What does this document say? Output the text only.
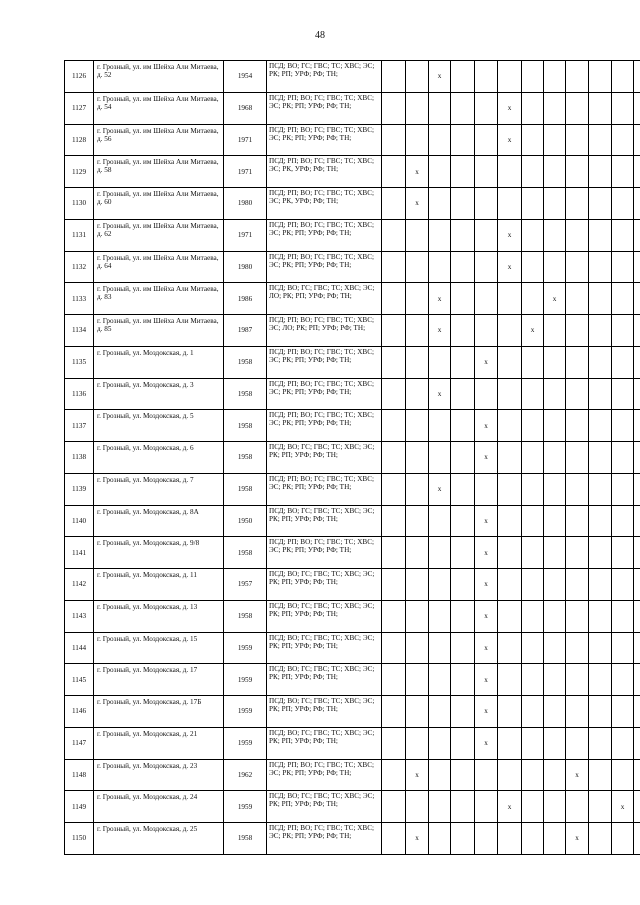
48
1126	г. Грозный, ул. им Шейха Али Митаева, д. 52	1954	ПСД; ВО; ГС; ГВС; ТС; ХВС; ЭС; РК; РП; УРФ; РФ; ТН;			x										
1127	г. Грозный, ул. им Шейха Али Митаева, д. 54	1968	ПСД; РП; ВО; ГС; ГВС; ТС; ХВС; ЭС; РК; РП; УРФ; РФ; ТН;						x							
1128	г. Грозный, ул. им Шейха Али Митаева, д. 56	1971	ПСД; РП; ВО; ГС; ГВС; ТС; ХВС; ЭС; РК; РП; УРФ; РФ; ТН;						x							
1129	г. Грозный, ул. им Шейха Али Митаева, д. 58	1971	ПСД; РП; ВО; ГС; ГВС; ТС; ХВС; ЭС; РК, УРФ; РФ; ТН;		x											
1130	г. Грозный, ул. им Шейха Али Митаева, д. 60	1980	ПСД; РП; ВО; ГС; ГВС; ТС; ХВС; ЭС; РК, УРФ; РФ; ТН;		x											
1131	г. Грозный, ул. им Шейха Али Митаева, д. 62	1971	ПСД; РП; ВО; ГС; ГВС; ТС; ХВС; ЭС; РК; РП; УРФ; РФ; ТН;						x							
1132	г. Грозный, ул. им Шейха Али Митаева, д. 64	1980	ПСД; РП; ВО; ГС; ГВС; ТС; ХВС; ЭС; РК; РП; УРФ; РФ; ТН;						x							
1133	г. Грозный, ул. им Шейха Али Митаева, д. 83	1986	ПСД; ВО; ГС; ГВС; ТС; ХВС; ЭС; ЛО; РК; РП; УРФ; РФ; ТН;			x					x					
1134	г. Грозный, ул. им Шейха Али Митаева, д. 85	1987	ПСД; РП; ВО; ГС; ГВС; ТС; ХВС; ЭС; ЛО; РК; РП; УРФ; РФ; ТН;			x				x						
1135	г. Грозный, ул. Моздокская, д. 1	1958	ПСД; РП; ВО; ГС; ГВС; ТС; ХВС; ЭС; РК; РП; УРФ; РФ; ТН;					x								
1136	г. Грозный, ул. Моздокская, д. 3	1958	ПСД; РП; ВО; ГС; ГВС; ТС; ХВС; ЭС; РК; РП; УРФ; РФ; ТН;			x										
1137	г. Грозный, ул. Моздокская, д. 5	1958	ПСД; РП; ВО; ГС; ГВС; ТС; ХВС; ЭС; РК; РП; УРФ; РФ; ТН;					x								
1138	г. Грозный, ул. Моздокская, д. 6	1958	ПСД; ВО; ГС; ГВС; ТС; ХВС; ЭС; РК; РП; УРФ; РФ; ТН;					x								
1139	г. Грозный, ул. Моздокская, д. 7	1958	ПСД; РП; ВО; ГС; ГВС; ТС; ХВС; ЭС; РК; РП; УРФ; РФ; ТН;			x										
1140	г. Грозный, ул. Моздокская, д. 8А	1950	ПСД; ВО; ГС; ГВС; ТС; ХВС; ЭС; РК; РП; УРФ; РФ; ТН;					x								
1141	г. Грозный, ул. Моздокская, д. 9/8	1958	ПСД; РП; ВО; ГС; ГВС; ТС; ХВС; ЭС; РК; РП; УРФ; РФ; ТН;					x								
1142	г. Грозный, ул. Моздокская, д. 11	1957	ПСД; ВО; ГС; ГВС; ТС; ХВС; ЭС; РК; РП; УРФ; РФ; ТН;					x								
1143	г. Грозный, ул. Моздокская, д. 13	1958	ПСД; ВО; ГС; ГВС; ТС; ХВС; ЭС; РК; РП; УРФ; РФ; ТН;					x								
1144	г. Грозный, ул. Моздокская, д. 15	1959	ПСД; ВО; ГС; ГВС; ТС; ХВС; ЭС; РК; РП; УРФ; РФ; ТН;					x								
1145	г. Грозный, ул. Моздокская, д. 17	1959	ПСД; ВО; ГС; ГВС; ТС; ХВС; ЭС; РК; РП; УРФ; РФ; ТН;					x								
1146	г. Грозный, ул. Моздокская, д. 17Б	1959	ПСД; ВО; ГС; ГВС; ТС; ХВС; ЭС; РК; РП; УРФ; РФ; ТН;					x								
1147	г. Грозный, ул. Моздокская, д. 21	1959	ПСД; ВО; ГС; ГВС; ТС; ХВС; ЭС; РК; РП; УРФ; РФ; ТН;					x								
1148	г. Грозный, ул. Моздокская, д. 23	1962	ПСД; РП; ВО; ГС; ГВС; ТС; ХВС; ЭС; РК; РП; УРФ; РФ; ТН;		x							x				
1149	г. Грозный, ул. Моздокская, д. 24	1959	ПСД; ВО; ГС; ГВС; ТС; ХВС; ЭС; РК; РП; УРФ; РФ; ТН;						x					x		
1150	г. Грозный, ул. Моздокская, д. 25	1958	ПСД; РП; ВО; ГС; ГВС; ТС; ХВС; ЭС; РК; РП; УРФ; РФ; ТН;		x							x				
